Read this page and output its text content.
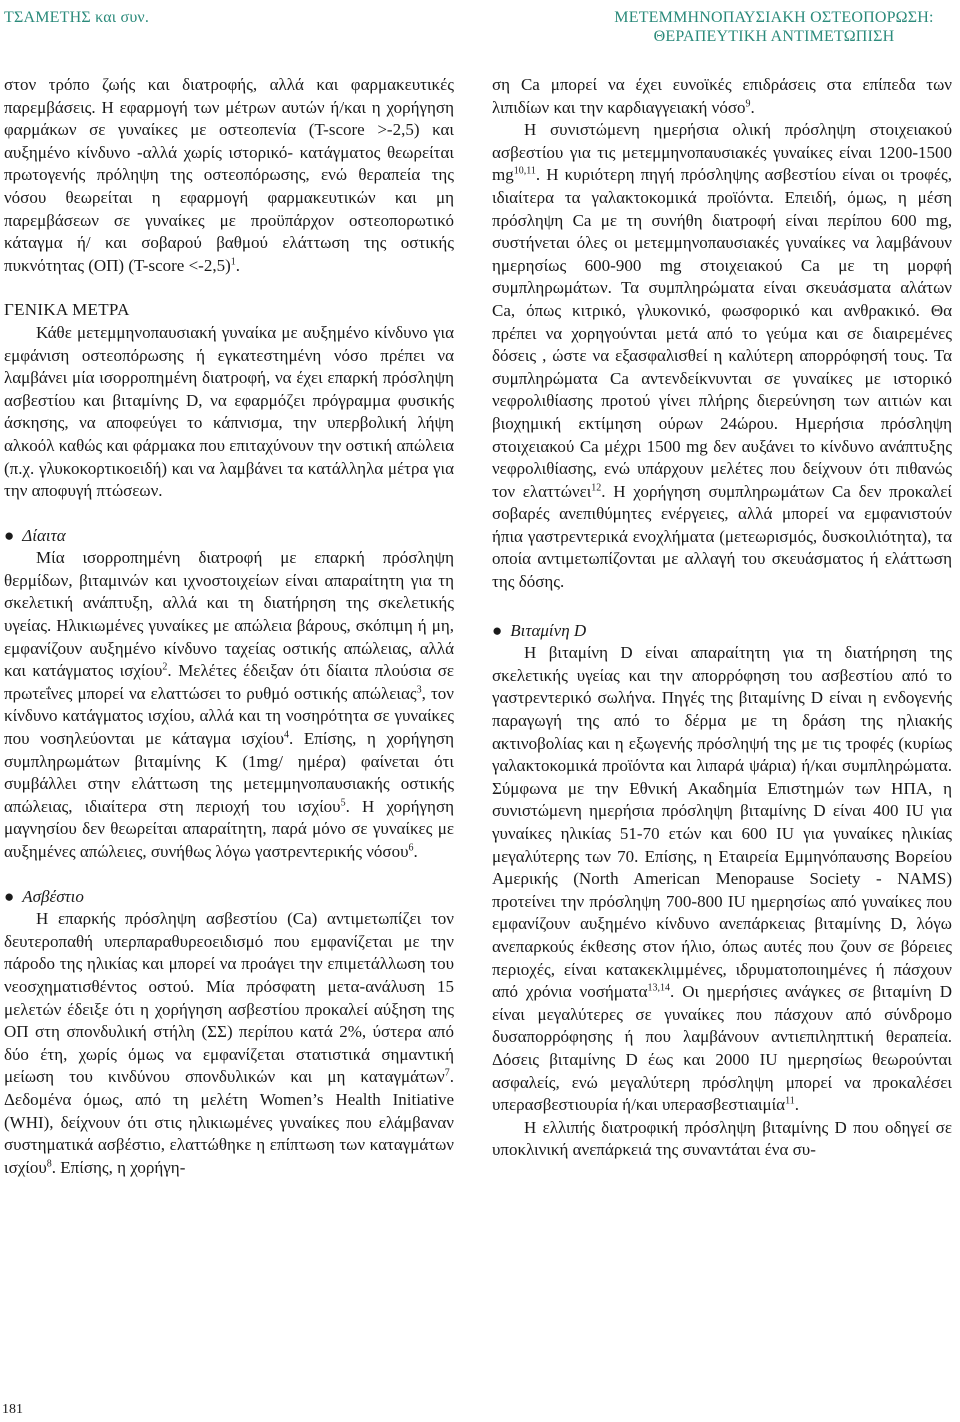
ΤΣΑΜΕΤΗΣ και συν.	ΜΕΤΕΜΜΗΝΟΠΑΥΣΙΑΚΗ ΟΣΤΕΟΠΟΡΩΣΗ:
ΘΕΡΑΠΕΥΤΙΚΗ ΑΝΤΙΜΕΤΩΠΙΣΗ

στον τρόπο ζωής και διατροφής, αλλά και φαρμακευτικές παρεμβάσεις. Η εφαρμογή των μέτρων αυτών ή/και η χορήγηση φαρμάκων σε γυναίκες με οστεοπενία (T-score >-2,5) και αυξημένο κίνδυνο -αλλά χωρίς ιστορικό- κατάγματος θεωρείται πρωτογενής πρόληψη της οστεοπόρωσης, ενώ θεραπεία της νόσου θεωρείται η εφαρμογή φαρμακευτικών και μη παρεμβάσεων σε γυναίκες με προϋπάρχον οστεοπορωτικό κάταγμα ή/ και σοβαρού βαθμού ελάττωση της οστικής πυκνότητας (ΟΠ) (T-score <-2,5)$^1$.

ΓΕΝΙΚΑ ΜΕΤΡΑ

Κάθε μετεμμηνοπαυσιακή γυναίκα με αυξημένο κίνδυνο για εμφάνιση οστεοπόρωσης ή εγκατεστημένη νόσο πρέπει να λαμβάνει μία ισορροπημένη διατροφή, να έχει επαρκή πρόσληψη ασβεστίου και βιταμίνης D, να εφαρμόζει πρόγραμμα φυσικής άσκησης, να αποφεύγει το κάπνισμα, την υπερβολική λήψη αλκοόλ καθώς και φάρμακα που επιταχύνουν την οστική απώλεια (π.χ. γλυκοκορτικοειδή) και να λαμβάνει τα κατάλληλα μέτρα για την αποφυγή πτώσεων.

● Δίαιτα

Μία ισορροπημένη διατροφή με επαρκή πρόσληψη θερμίδων, βιταμινών και ιχνοστοιχείων είναι απαραίτητη για τη σκελετική ανάπτυξη, αλλά και τη διατήρηση της σκελετικής υγείας. Ηλικιωμένες γυναίκες με απώλεια βάρους, σκόπιμη ή μη, εμφανίζουν αυξημένο κίνδυνο ταχείας οστικής απώλειας, αλλά και κατάγματος ισχίου$^2$. Μελέτες έδειξαν ότι δίαιτα πλούσια σε πρωτεΐνες μπορεί να ελαττώσει το ρυθμό οστικής απώλειας$^3$, τον κίνδυνο κατάγματος ισχίου, αλλά και τη νοσηρότητα σε γυναίκες που νοσηλεύονται με κάταγμα ισχίου$^4$. Επίσης, η χορήγηση συμπληρωμάτων βιταμίνης Κ (1mg/ ημέρα) φαίνεται ότι συμβάλλει στην ελάττωση της μετεμμηνοπαυσιακής οστικής απώλειας, ιδιαίτερα στη περιοχή του ισχίου$^5$. Η χορήγηση μαγνησίου δεν θεωρείται απαραίτητη, παρά μόνο σε γυναίκες με αυξημένες απώλειες, συνήθως λόγω γαστρεντερικής νόσου$^6$.

● Ασβέστιο

Η επαρκής πρόσληψη ασβεστίου (Ca) αντιμετωπίζει τον δευτεροπαθή υπερπαραθυρεοειδισμό που εμφανίζεται με την πάροδο της ηλικίας και μπορεί να προάγει την επιμετάλλωση του νεοσχηματισθέντος οστού. Μία πρόσφατη μετα-ανάλυση 15 μελετών έδειξε ότι η χορήγηση ασβεστίου προκαλεί αύξηση της ΟΠ στη σπονδυλική στήλη (ΣΣ) περίπου κατά 2%, ύστερα από δύο έτη, χωρίς όμως να εμφανίζεται στατιστικά σημαντική μείωση του κινδύνου σπονδυλικών και μη καταγμάτων$^7$. Δεδομένα όμως, από τη μελέτη Women’s Health Initiative (WHI), δείχνουν ότι στις ηλικιωμένες γυναίκες που ελάμβαναν συστηματικά ασβέστιο, ελαττώθηκε η επίπτωση των καταγμάτων ισχίου$^8$. Επίσης, η χορήγη-

ση Ca μπορεί να έχει ευνοϊκές επιδράσεις στα επίπεδα των λιπιδίων και την καρδιαγγειακή νόσο$^9$.

Η συνιστώμενη ημερήσια ολική πρόσληψη στοιχειακού ασβεστίου για τις μετεμμηνοπαυσιακές γυναίκες είναι 1200-1500 mg$^{10,11}$. Η κυριότερη πηγή πρόσληψης ασβεστίου είναι οι τροφές, ιδιαίτερα τα γαλακτοκομικά προϊόντα. Επειδή, όμως, η μέση πρόσληψη Ca με τη συνήθη διατροφή είναι περίπου 600 mg, συστήνεται όλες οι μετεμμηνοπαυσιακές γυναίκες να λαμβάνουν ημερησίως 600-900 mg στοιχειακού Ca με τη μορφή συμπληρωμάτων. Τα συμπληρώματα είναι σκευάσματα αλάτων Ca, όπως κιτρικό, γλυκονικό, φωσφορικό και ανθρακικό. Θα πρέπει να χορηγούνται μετά από το γεύμα και σε διαιρεμένες δόσεις , ώστε να εξασφαλισθεί η καλύτερη απορρόφησή τους. Τα συμπληρώματα Ca αντενδείκνυνται σε γυναίκες με ιστορικό νεφρολιθίασης προτού γίνει πλήρης διερεύνηση των αιτιών και βιοχημική εκτίμηση ούρων 24ώρου. Ημερήσια πρόσληψη στοιχειακού Ca μέχρι 1500 mg δεν αυξάνει το κίνδυνο ανάπτυξης νεφρολιθίασης, ενώ υπάρχουν μελέτες που δείχνουν ότι πιθανώς τον ελαττώνει$^{12}$. Η χορήγηση συμπληρωμάτων Ca δεν προκαλεί σοβαρές ανεπιθύμητες ενέργειες, αλλά μπορεί να εμφανιστούν ήπια γαστρεντερικά ενοχλήματα (μετεωρισμός, δυσκοιλιότητα), τα οποία αντιμετωπίζονται με αλλαγή του σκευάσματος ή ελάττωση της δόσης.

● Βιταμίνη D

Η βιταμίνη D είναι απαραίτητη για τη διατήρηση της σκελετικής υγείας και την απορρόφηση του ασβεστίου από το γαστρεντερικό σωλήνα. Πηγές της βιταμίνης D είναι η ενδογενής παραγωγή της από το δέρμα με τη δράση της ηλιακής ακτινοβολίας και η εξωγενής πρόσληψή της με τις τροφές (κυρίως γαλακτοκομικά προϊόντα και λιπαρά ψάρια) ή/και συμπληρώματα. Σύμφωνα με την Εθνική Ακαδημία Επιστημών των ΗΠΑ, η συνιστώμενη ημερήσια πρόσληψη βιταμίνης D είναι 400 IU για γυναίκες ηλικίας 51-70 ετών και 600 IU για γυναίκες ηλικίας μεγαλύτερης των 70. Επίσης, η Εταιρεία Εμμηνόπαυσης Βορείου Αμερικής (North American Menopause Society - NAMS) προτείνει την πρόσληψη 700-800 IU ημερησίως από γυναίκες που εμφανίζουν αυξημένο κίνδυνο ανεπάρκειας βιταμίνης D, λόγω ανεπαρκούς έκθεσης στον ήλιο, όπως αυτές που ζουν σε βόρειες περιοχές, είναι κατακεκλιμμένες, ιδρυματοποιημένες ή πάσχουν από χρόνια νοσήματα$^{13,14}$. Οι ημερήσιες ανάγκες σε βιταμίνη D είναι μεγαλύτερες σε γυναίκες που πάσχουν από σύνδρομο δυσαπορρόφησης ή που λαμβάνουν αντιεπιληπτική θεραπεία. Δόσεις βιταμίνης D έως και 2000 IU ημερησίως θεωρούνται ασφαλείς, ενώ μεγαλύτερη πρόσληψη μπορεί να προκαλέσει υπερασβεστιουρία ή/και υπερασβεστιαιμία$^{11}$.

Η ελλιπής διατροφική πρόσληψη βιταμίνης D που οδηγεί σε υποκλινική ανεπάρκειά της συναντάται ένα συ-

181
